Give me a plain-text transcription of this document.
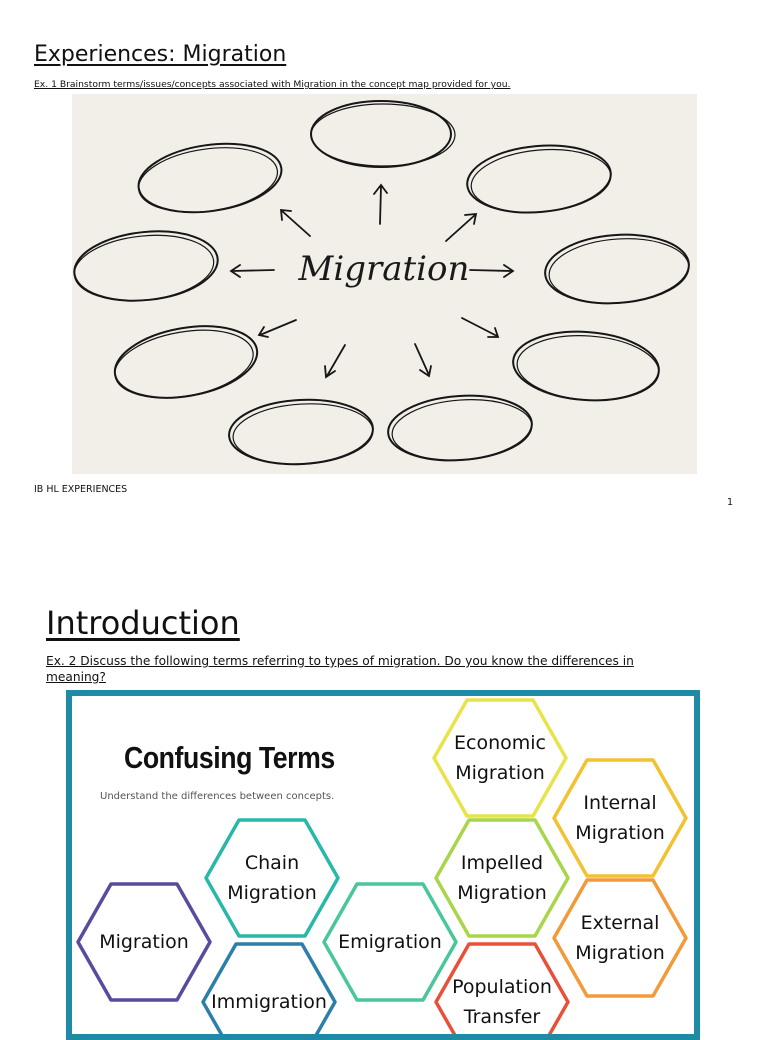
Experiences: Migration
Ex. 1 Brainstorm terms/issues/concepts associated with Migration in the concept map provided for you.
Migration
IB HL EXPERIENCES
1
Introduction
Ex. 2 Discuss the following terms referring to types of migration. Do you know the differences in meaning?
Confusing Terms
Understand the differences between concepts.
Economic
Migration
Internal
Migration
Chain
Migration
Impelled
Migration
Migration	Emigration
External
Migration
Immigration
Population
Transfer
